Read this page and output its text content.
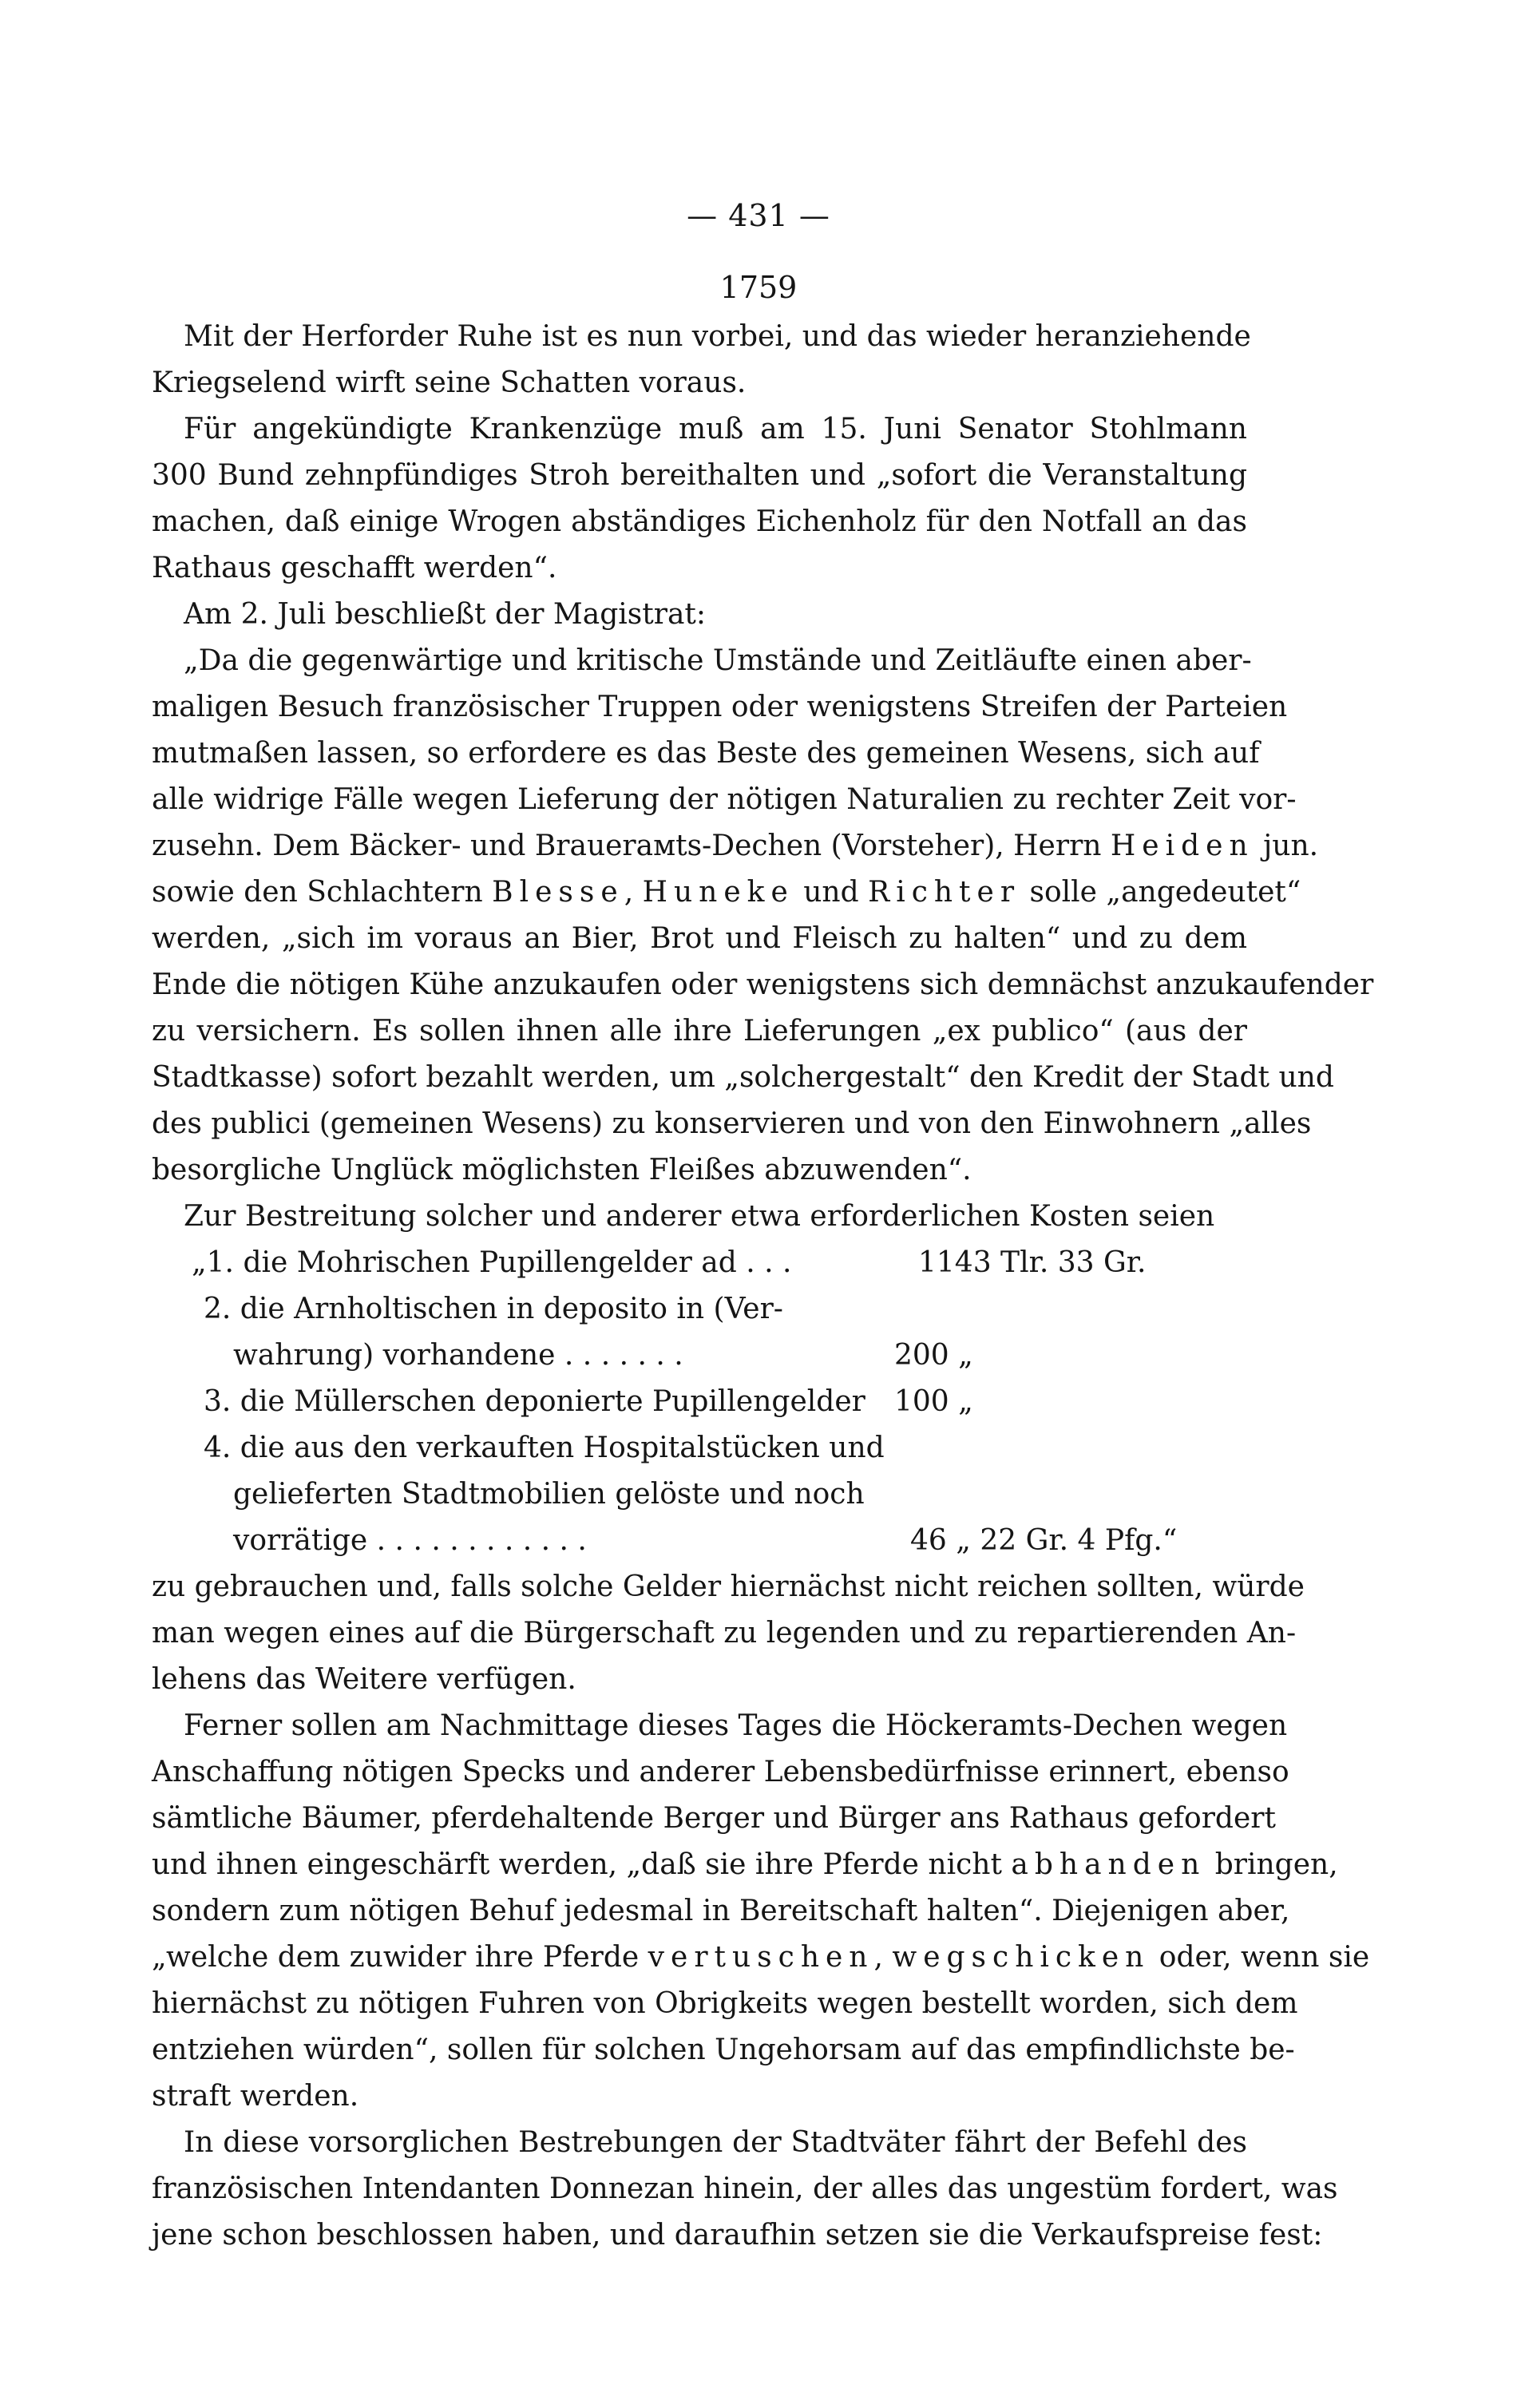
— 431 —
1759
Mit der Herforder Ruhe ist es nun vorbei, und das wieder heranziehende
Kriegselend wirft seine Schatten voraus.
Für angekündigte Krankenzüge muß am 15. Juni Senator Stohlmann
300 Bund zehnpfündiges Stroh bereithalten und „sofort die Veranstaltung
machen, daß einige Wrogen abständiges Eichenholz für den Notfall an das
Rathaus geschafft werden“.
Am 2. Juli beschließt der Magistrat:
„Da die gegenwärtige und kritische Umstände und Zeitläufte einen aber-
maligen Besuch französischer Truppen oder wenigstens Streifen der Parteien
mutmaßen lassen, so erfordere es das Beste des gemeinen Wesens, sich auf
alle widrige Fälle wegen Lieferung der nötigen Naturalien zu rechter Zeit vor-
zusehn. Dem Bäcker- und Brauerамts-Dechen (Vorsteher), Herrn Heiden jun.
sowie den Schlachtern Blesse, Huneke und Richter solle „angedeutet“
werden, „sich im voraus an Bier, Brot und Fleisch zu halten“ und zu dem
Ende die nötigen Kühe anzukaufen oder wenigstens sich demnächst anzukaufender
zu versichern. Es sollen ihnen alle ihre Lieferungen „ex publico“ (aus der
Stadtkasse) sofort bezahlt werden, um „solchergestalt“ den Kredit der Stadt und
des publici (gemeinen Wesens) zu konservieren und von den Einwohnern „alles
besorgliche Unglück möglichsten Fleißes abzuwenden“.
Zur Bestreitung solcher und anderer etwa erforderlichen Kosten seien
„1. die Mohrischen Pupillengelder ad . . .	1143 Tlr. 33 Gr.
2. die Arnholtischen in deposito in (Ver-
wahrung) vorhandene . . . . . . .	200 „
3. die Müllerschen deponierte Pupillengelder 100 „
4. die aus den verkauften Hospitalstücken und
gelieferten Stadtmobilien gelöste und noch
vorrätige . . . . . . . . . . . .	46 „ 22 Gr. 4 Pfg.“
zu gebrauchen und, falls solche Gelder hiernächst nicht reichen sollten, würde
man wegen eines auf die Bürgerschaft zu legenden und zu repartierenden An-
lehens das Weitere verfügen.
Ferner sollen am Nachmittage dieses Tages die Höckeramts-Dechen wegen
Anschaffung nötigen Specks und anderer Lebensbedürfnisse erinnert, ebenso
sämtliche Bäumer, pferdehaltende Berger und Bürger ans Rathaus gefordert
und ihnen eingeschärft werden, „daß sie ihre Pferde nicht abhanden bringen,
sondern zum nötigen Behuf jedesmal in Bereitschaft halten“. Diejenigen aber,
„welche dem zuwider ihre Pferde vertuschen, wegschicken oder, wenn sie
hiernächst zu nötigen Fuhren von Obrigkeits wegen bestellt worden, sich dem
entziehen würden“, sollen für solchen Ungehorsam auf das empfindlichste be-
straft werden.
In diese vorsorglichen Bestrebungen der Stadtväter fährt der Befehl des
französischen Intendanten Donnezan hinein, der alles das ungestüm fordert, was
jene schon beschlossen haben, und daraufhin setzen sie die Verkaufspreise fest:
